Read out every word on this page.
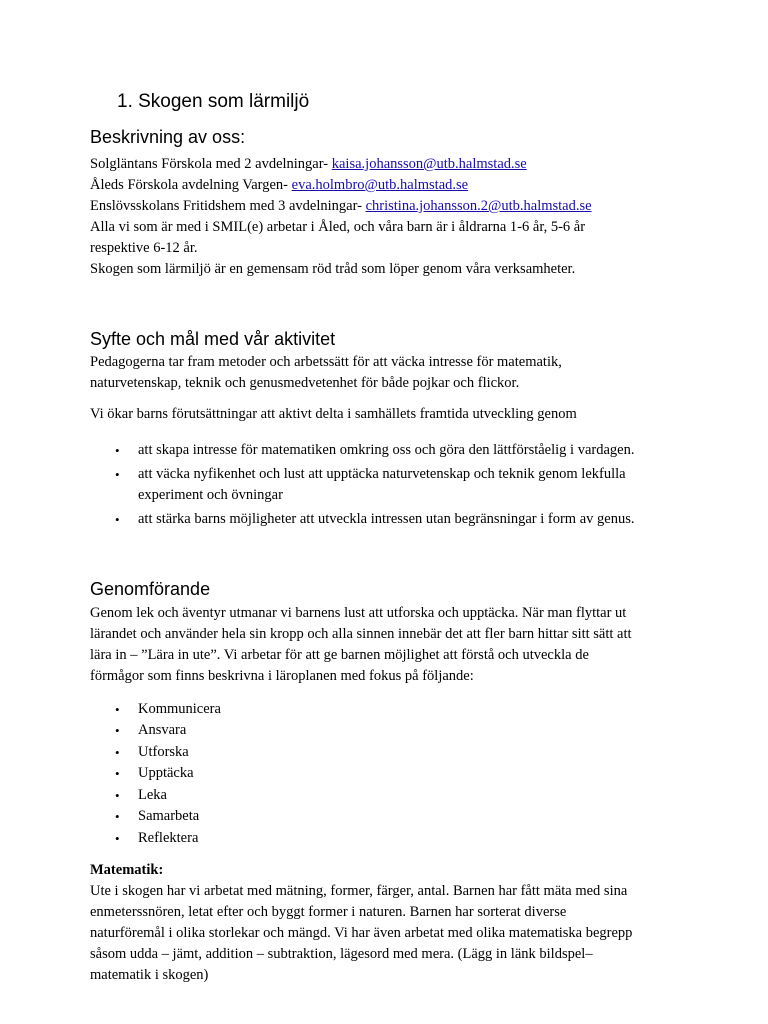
1. Skogen som lärmiljö
Beskrivning av oss:
Solgläntans Förskola med 2 avdelningar- kaisa.johansson@utb.halmstad.se
Åleds Förskola avdelning Vargen- eva.holmbro@utb.halmstad.se
Enslövsskolans Fritidshem med 3 avdelningar- christina.johansson.2@utb.halmstad.se
Alla vi som är med i SMIL(e) arbetar i Åled, och våra barn är i åldrarna 1-6 år, 5-6 år
respektive 6-12 år.
Skogen som lärmiljö är en gemensam röd tråd som löper genom våra verksamheter.
Syfte och mål med vår aktivitet
Pedagogerna tar fram metoder och arbetssätt för att väcka intresse för matematik,
naturvetenskap, teknik och genusmedvetenhet för både pojkar och flickor.
Vi ökar barns förutsättningar att aktivt delta i samhällets framtida utveckling genom
• att skapa intresse för matematiken omkring oss och göra den lättförståelig i vardagen.
• att väcka nyfikenhet och lust att upptäcka naturvetenskap och teknik genom lekfulla experiment och övningar
• att stärka barns möjligheter att utveckla intressen utan begränsningar i form av genus.
Genomförande
Genom lek och äventyr utmanar vi barnens lust att utforska och upptäcka. När man flyttar ut
lärandet och använder hela sin kropp och alla sinnen innebär det att fler barn hittar sitt sätt att
lära in – ”Lära in ute”. Vi arbetar för att ge barnen möjlighet att förstå och utveckla de
förmågor som finns beskrivna i läroplanen med fokus på följande:
• Kommunicera
• Ansvara
• Utforska
• Upptäcka
• Leka
• Samarbeta
• Reflektera
Matematik:
Ute i skogen har vi arbetat med mätning, former, färger, antal. Barnen har fått mäta med sina
enmeterssnören, letat efter och byggt former i naturen. Barnen har sorterat diverse
naturföremål i olika storlekar och mängd. Vi har även arbetat med olika matematiska begrepp
såsom udda – jämt, addition – subtraktion, lägesord med mera. (Lägg in länk bildspel–
matematik i skogen)
